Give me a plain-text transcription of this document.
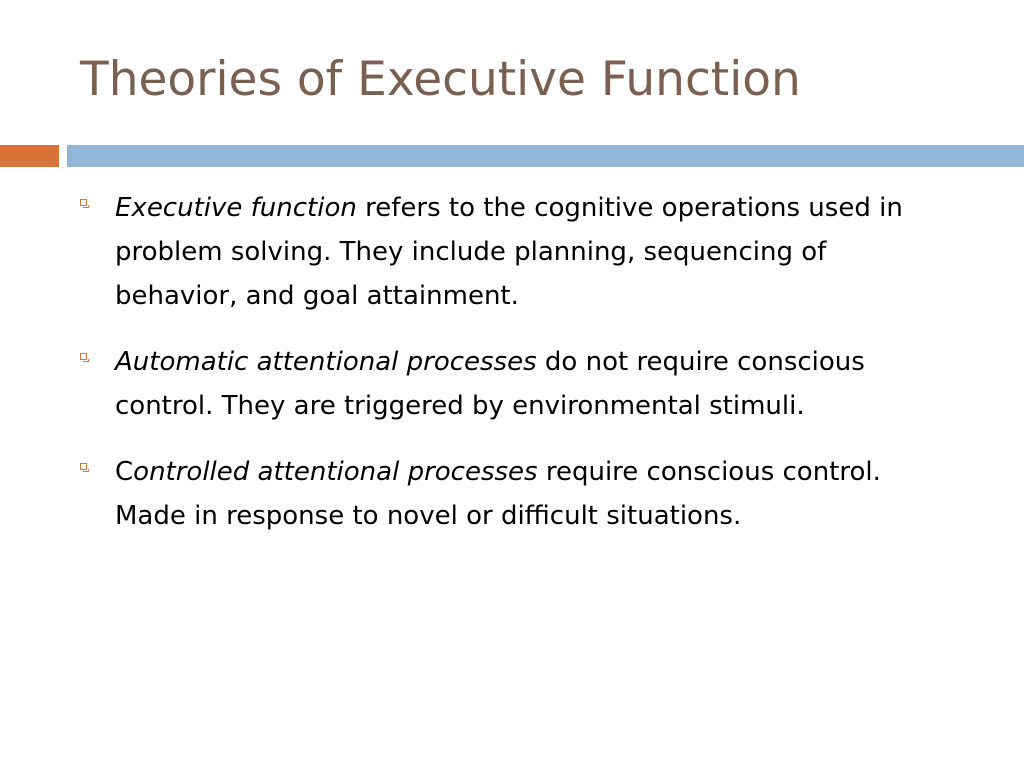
Theories of Executive Function
Executive function refers to the cognitive operations used in problem solving. They include planning, sequencing of behavior, and goal attainment.
Automatic attentional processes do not require conscious control. They are triggered by environmental stimuli.
Controlled attentional processes require conscious control. Made in response to novel or difficult situations.
